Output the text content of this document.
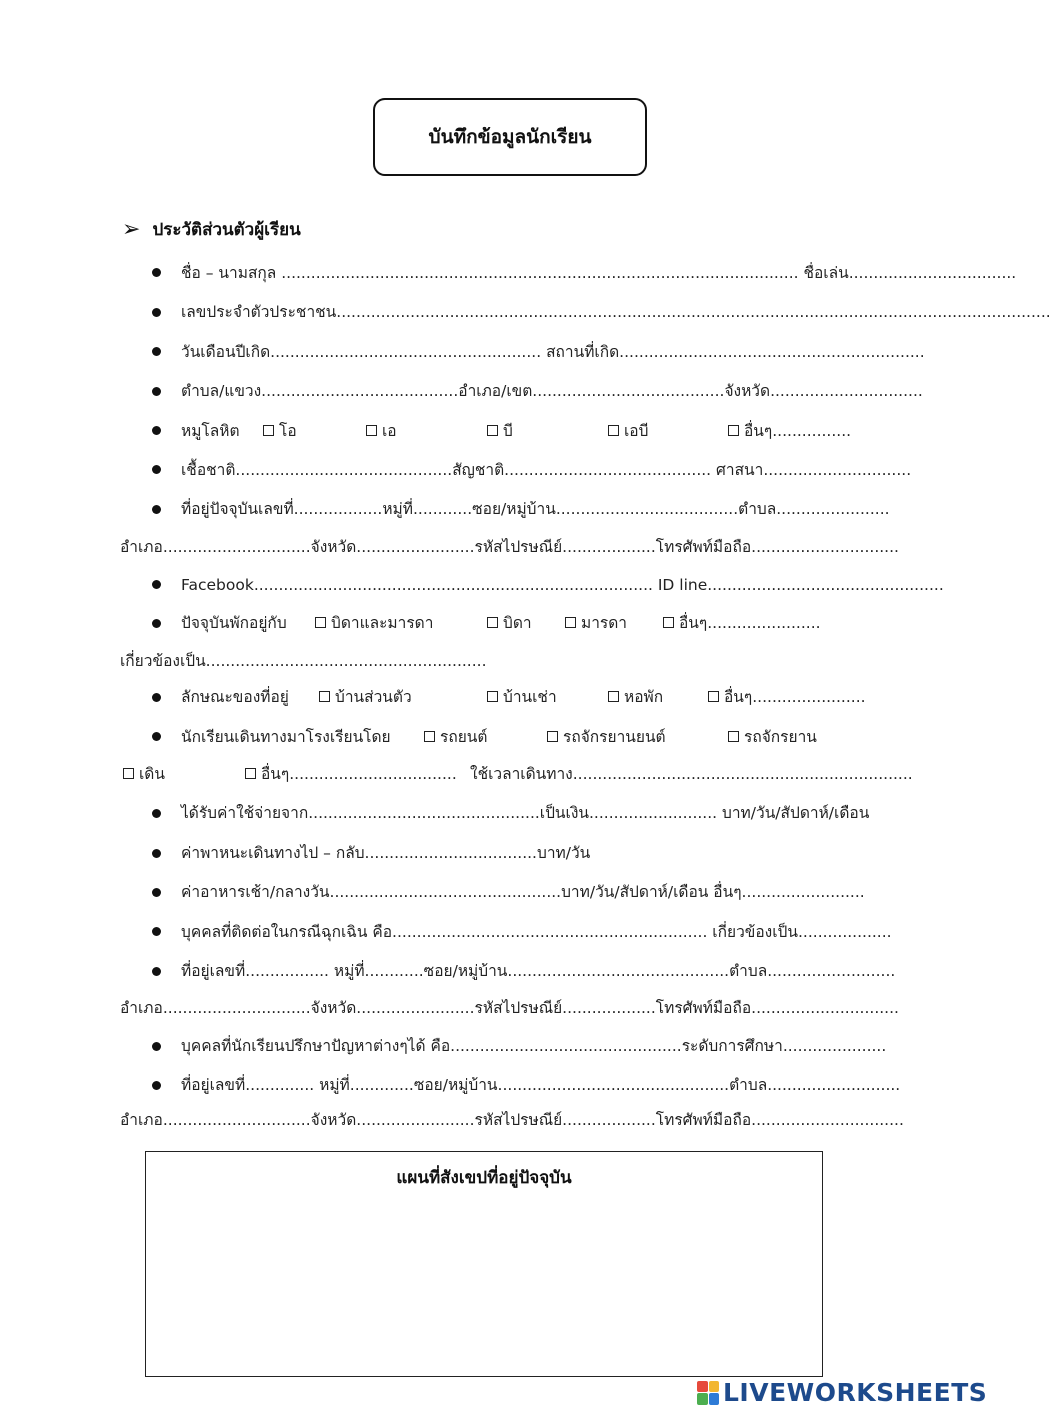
บันทึกข้อมูลนักเรียน
➢ ประวัติส่วนตัวผู้เรียน
ชื่อ – นามสกุล ......................................................................................................... ชื่อเล่น..................................
เลขประจำตัวประชาชน.................................................................................................................................................
วันเดือนปีเกิด....................................................... สถานที่เกิด..............................................................
ตำบล/แขวง........................................อำเภอ/เขต.......................................จังหวัด...............................
หมูโลหิต	โอ	เอ	บี	เอบี	อื่นๆ................
เชื้อชาติ............................................สัญชาติ.......................................... ศาสนา..............................
ที่อยู่ปัจจุบันเลขที่..................หมู่ที่............ซอย/หมู่บ้าน.....................................ตำบล.......................
อำเภอ..............................จังหวัด........................รหัสไปรษณีย์...................โทรศัพท์มือถือ..............................
Facebook................................................................................. ID line................................................
ปัจจุบันพักอยู่กับ	บิดาและมารดา	บิดา	มารดา	อื่นๆ.......................
เกี่ยวข้องเป็น.........................................................
ลักษณะของที่อยู่	บ้านส่วนตัว	บ้านเช่า	หอพัก	อื่นๆ.......................
นักเรียนเดินทางมาโรงเรียนโดย	รถยนต์	รถจักรยานยนต์	รถจักรยาน
เดิน	อื่นๆ.................................. ใช้เวลาเดินทาง.....................................................................
ได้รับค่าใช้จ่ายจาก...............................................เป็นเงิน.......................... บาท/วัน/สัปดาห์/เดือน
ค่าพาหนะเดินทางไป – กลับ...................................บาท/วัน
ค่าอาหารเช้า/กลางวัน...............................................บาท/วัน/สัปดาห์/เดือน อื่นๆ.........................
บุคคลที่ติดต่อในกรณีฉุกเฉิน คือ................................................................ เกี่ยวข้องเป็น...................
ที่อยู่เลขที่................. หมู่ที่............ซอย/หมู่บ้าน.............................................ตำบล..........................
อำเภอ..............................จังหวัด........................รหัสไปรษณีย์...................โทรศัพท์มือถือ..............................
บุคคลที่นักเรียนปรึกษาปัญหาต่างๆได้ คือ...............................................ระดับการศึกษา.....................
ที่อยู่เลขที่.............. หมู่ที่.............ซอย/หมู่บ้าน...............................................ตำบล...........................
อำเภอ..............................จังหวัด........................รหัสไปรษณีย์...................โทรศัพท์มือถือ...............................
แผนที่สังเขปที่อยู่ปัจจุบัน
LIVEWORKSHEETS
